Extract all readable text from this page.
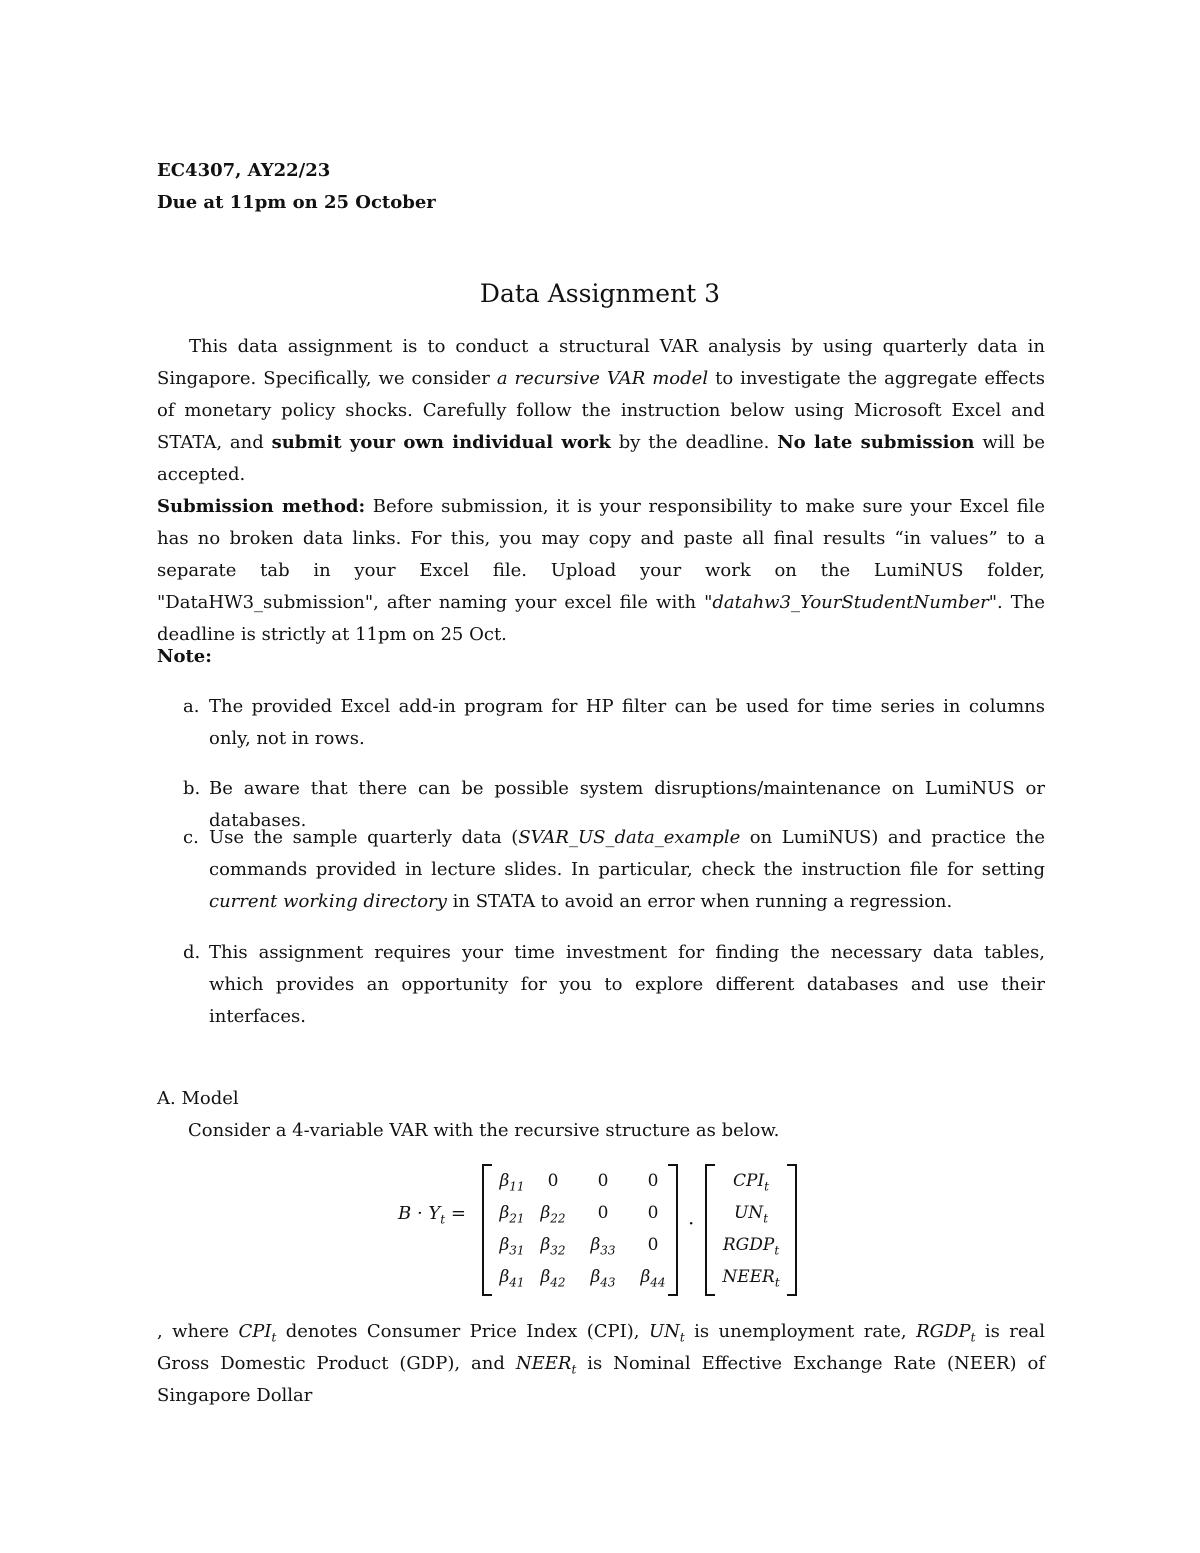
EC4307, AY22/23
Due at 11pm on 25 October
Data Assignment 3

This data assignment is to conduct a structural VAR analysis by using quarterly data in Singapore. Specifically, we consider a recursive VAR model to investigate the aggregate effects of monetary policy shocks. Carefully follow the instruction below using Microsoft Excel and STATA, and submit your own individual work by the deadline. No late submission will be accepted.

Submission method: Before submission, it is your responsibility to make sure your Excel file has no broken data links. For this, you may copy and paste all final results “in values” to a separate tab in your Excel file. Upload your work on the LumiNUS folder, "DataHW3_submission", after naming your excel file with "datahw3_YourStudentNumber". The deadline is strictly at 11pm on 25 Oct.

Note:
a. The provided Excel add-in program for HP filter can be used for time series in columns only, not in rows.
b. Be aware that there can be possible system disruptions/maintenance on LumiNUS or databases.
c. Use the sample quarterly data (SVAR_US_data_example on LumiNUS) and practice the commands provided in lecture slides. In particular, check the instruction file for setting current working directory in STATA to avoid an error when running a regression.
d. This assignment requires your time investment for finding the necessary data tables, which provides an opportunity for you to explore different databases and use their interfaces.
A. Model
Consider a 4-variable VAR with the recursive structure as below.
$B \cdot Y_t$ =	·

, where $CPI_t$ denotes Consumer Price Index (CPI), $UN_t$ is unemployment rate, $RGDP_t$ is real Gross Domestic Product (GDP), and $NEER_t$ is Nominal Effective Exchange Rate (NEER) of Singapore Dollar

$\beta_{11}$	0	0	0
$\beta_{21}$ $\beta_{22}$	0	0
$\beta_{31}$ $\beta_{32}$	$\beta_{33}$	0
$\beta_{41}$ $\beta_{42}$	$\beta_{43}$	$\beta_{44}$
$CPI_t$
$UN_t$
$RGDP_t$
$NEER_t$
